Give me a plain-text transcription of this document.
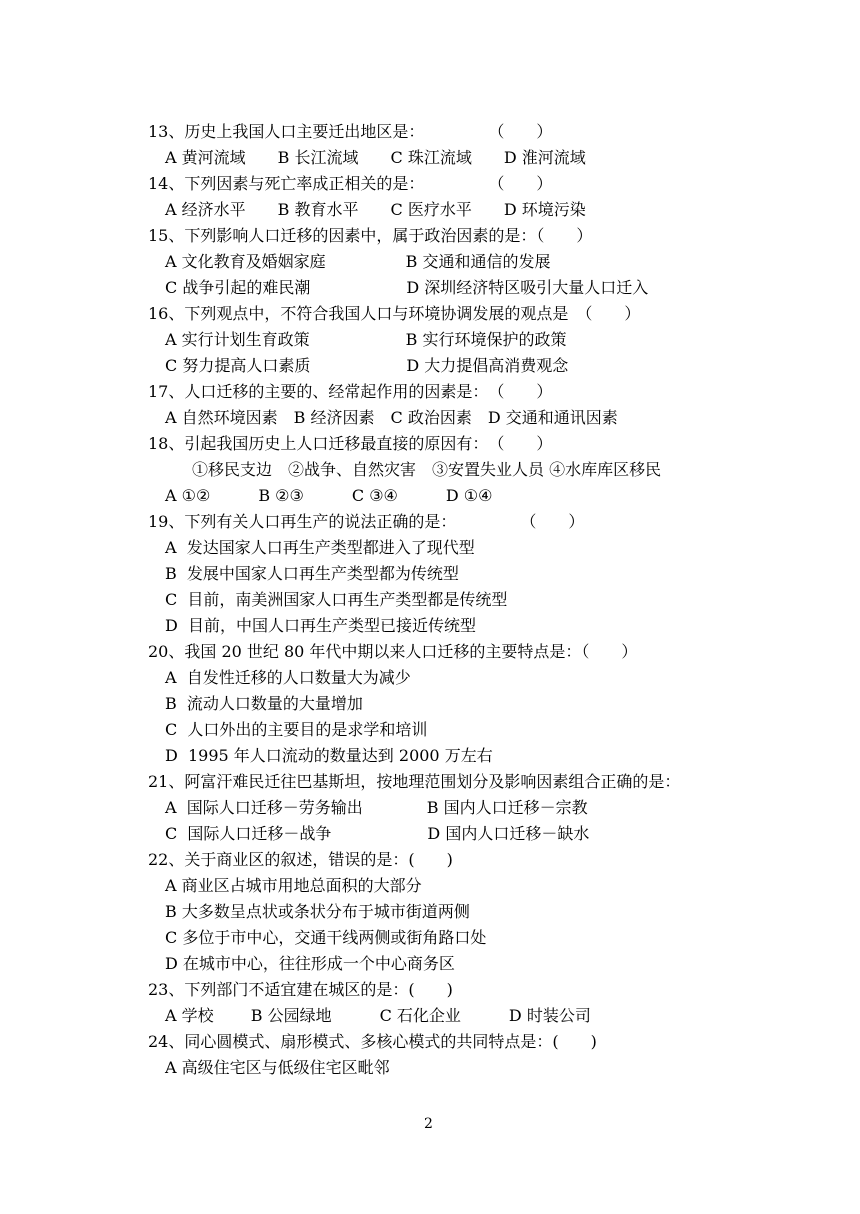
13、历史上我国人口主要迁出地区是：　　　　　（　　）
A 黄河流域　　B 长江流域　　C 珠江流域　　D 淮河流域
14、下列因素与死亡率成正相关的是：　　　　　（　　）
A 经济水平　　B 教育水平　　C 医疗水平　　D 环境污染
15、下列影响人口迁移的因素中，属于政治因素的是：（　　）
A 文化教育及婚姻家庭　　　　　B 交通和通信的发展
C 战争引起的难民潮　　　　　　D 深圳经济特区吸引大量人口迁入
16、下列观点中，不符合我国人口与环境协调发展的观点是　（　　）
A 实行计划生育政策　　　　　　B 实行环境保护的政策
C 努力提高人口素质　　　　　　D 大力提倡高消费观念
17、人口迁移的主要的、经常起作用的因素是：　（　　）
A 自然环境因素　B 经济因素　C 政治因素　D 交通和通讯因素
18、引起我国历史上人口迁移最直接的原因有：　（　　）
①移民支边　②战争、自然灾害　③安置失业人员 ④水库库区移民
A ①②　　　B ②③　　　C ③④　　　D ①④
19、下列有关人口再生产的说法正确的是：　　　　　（　　）
A  发达国家人口再生产类型都进入了现代型
B  发展中国家人口再生产类型都为传统型
C  目前，南美洲国家人口再生产类型都是传统型
D  目前，中国人口再生产类型已接近传统型
20、我国 20 世纪 80 年代中期以来人口迁移的主要特点是：（　　）
A  自发性迁移的人口数量大为减少
B  流动人口数量的大量增加
C  人口外出的主要目的是求学和培训
D  1995 年人口流动的数量达到 2000 万左右
21、阿富汗难民迁往巴基斯坦，按地理范围划分及影响因素组合正确的是：
A  国际人口迁移－劳务输出　　　　B 国内人口迁移－宗教
C  国际人口迁移－战争　　　　　　D 国内人口迁移－缺水
22、关于商业区的叙述，错误的是：(　　)
A 商业区占城市用地总面积的大部分
B 大多数呈点状或条状分布于城市街道两侧
C 多位于市中心，交通干线两侧或街角路口处
D 在城市中心，往往形成一个中心商务区
23、下列部门不适宜建在城区的是：(　　)
A 学校　　 B 公园绿地　　　C 石化企业　　　D 时装公司
24、同心圆模式、扇形模式、多核心模式的共同特点是：(　　)
A 高级住宅区与低级住宅区毗邻
2
